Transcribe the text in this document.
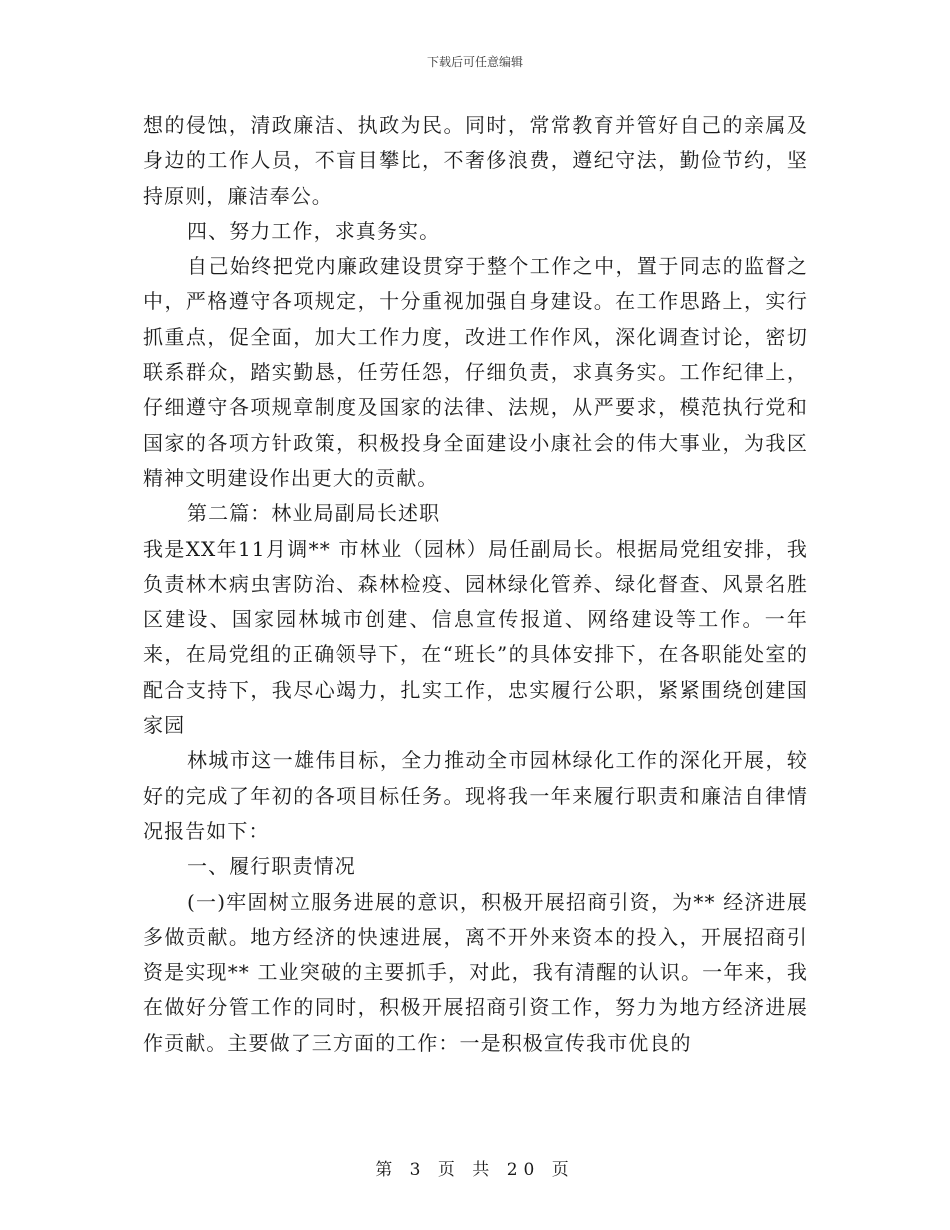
下载后可任意编辑

想的侵蚀，清政廉洁、执政为民。同时，常常教育并管好自己的亲属及身边的工作人员，不盲目攀比，不奢侈浪费，遵纪守法，勤俭节约，坚持原则，廉洁奉公。

四、努力工作，求真务实。

自己始终把党内廉政建设贯穿于整个工作之中，置于同志的监督之中，严格遵守各项规定，十分重视加强自身建设。在工作思路上，实行抓重点，促全面，加大工作力度，改进工作作风，深化调查讨论，密切联系群众，踏实勤恳，任劳任怨，仔细负责，求真务实。工作纪律上，仔细遵守各项规章制度及国家的法律、法规，从严要求，模范执行党和国家的各项方针政策，积极投身全面建设小康社会的伟大事业，为我区精神文明建设作出更大的贡献。

第二篇：林业局副局长述职

我是XX年11月调** 市林业（园林）局任副局长。根据局党组安排，我负责林木病虫害防治、森林检疫、园林绿化管养、绿化督查、风景名胜区建设、国家园林城市创建、信息宣传报道、网络建设等工作。一年来，在局党组的正确领导下，在“班长”的具体安排下，在各职能处室的配合支持下，我尽心竭力，扎实工作，忠实履行公职，紧紧围绕创建国家园

林城市这一雄伟目标，全力推动全市园林绿化工作的深化开展，较好的完成了年初的各项目标任务。现将我一年来履行职责和廉洁自律情况报告如下：

一、履行职责情况

(一)牢固树立服务进展的意识，积极开展招商引资，为** 经济进展多做贡献。地方经济的快速进展，离不开外来资本的投入，开展招商引资是实现** 工业突破的主要抓手，对此，我有清醒的认识。一年来，我在做好分管工作的同时，积极开展招商引资工作，努力为地方经济进展作贡献。主要做了三方面的工作：一是积极宣传我市优良的

第 3 页 共 20 页
